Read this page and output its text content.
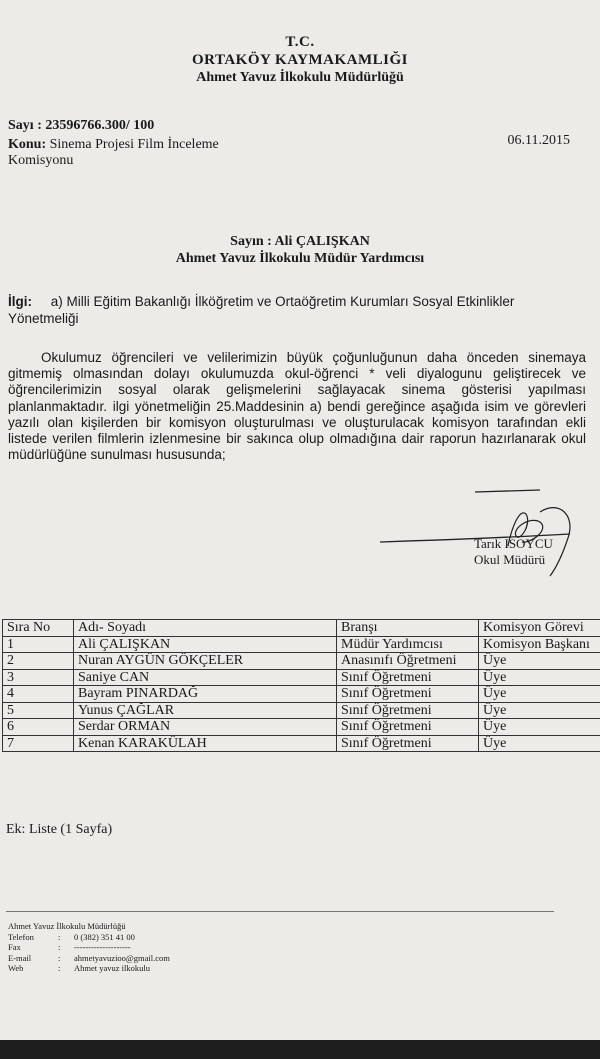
T.C.
ORTAKÖY KAYMAKAMLIĞI
Ahmet Yavuz İlkokulu Müdürlüğü
Sayı : 23596766.300/ 100
Konu: Sinema Projesi Film İnceleme
Komisyonu
06.11.2015
Sayın : Ali ÇALIŞKAN
Ahmet Yavuz İlkokulu Müdür Yardımcısı
İlgi: a) Milli Eğitim Bakanlığı İlköğretim ve Ortaöğretim Kurumları Sosyal Etkinlikler Yönetmeliği
Okulumuz öğrencileri ve velilerimizin büyük çoğunluğunun daha önceden sinemaya gitmemiş olmasından dolayı okulumuzda okul-öğrenci * veli diyalogunu geliştirecek ve öğrencilerimizin sosyal olarak gelişmelerini sağlayacak sinema gösterisi yapılması planlanmaktadır. ilgi yönetmeliğin 25.Maddesinin a) bendi gereğince aşağıda isim ve görevleri yazılı olan kişilerden bir komisyon oluşturulması ve oluşturulacak komisyon tarafından ekli listede verilen filmlerin izlenmesine bir sakınca olup olmadığına dair raporun hazırlanarak okul müdürlüğüne sunulması hususunda;
Tarık ISOYCU
Okul Müdürü
Sıra No	Adı- Soyadı	Branşı	Komisyon Görevi
1	Ali ÇALIŞKAN	Müdür Yardımcısı	Komisyon Başkanı
2	Nuran AYGÜN GÖKÇELER	Anasınıfı Öğretmeni	Üye
3	Saniye CAN	Sınıf Öğretmeni	Üye
4	Bayram PINARDAĞ	Sınıf Öğretmeni	Üye
5	Yunus ÇAĞLAR	Sınıf Öğretmeni	Üye
6	Serdar ORMAN	Sınıf Öğretmeni	Üye
7	Kenan KARAKÜLAH	Sınıf Öğretmeni	Üye
Ek: Liste (1 Sayfa)
Ahmet Yavuz İlkokulu Müdürlüğü
Telefon	: 0 (382) 351 41 00
Fax	: --------------------
E-mail	: ahmetyavuzioo@gmail.com
Web	: Ahmet yavuz ilkokulu
